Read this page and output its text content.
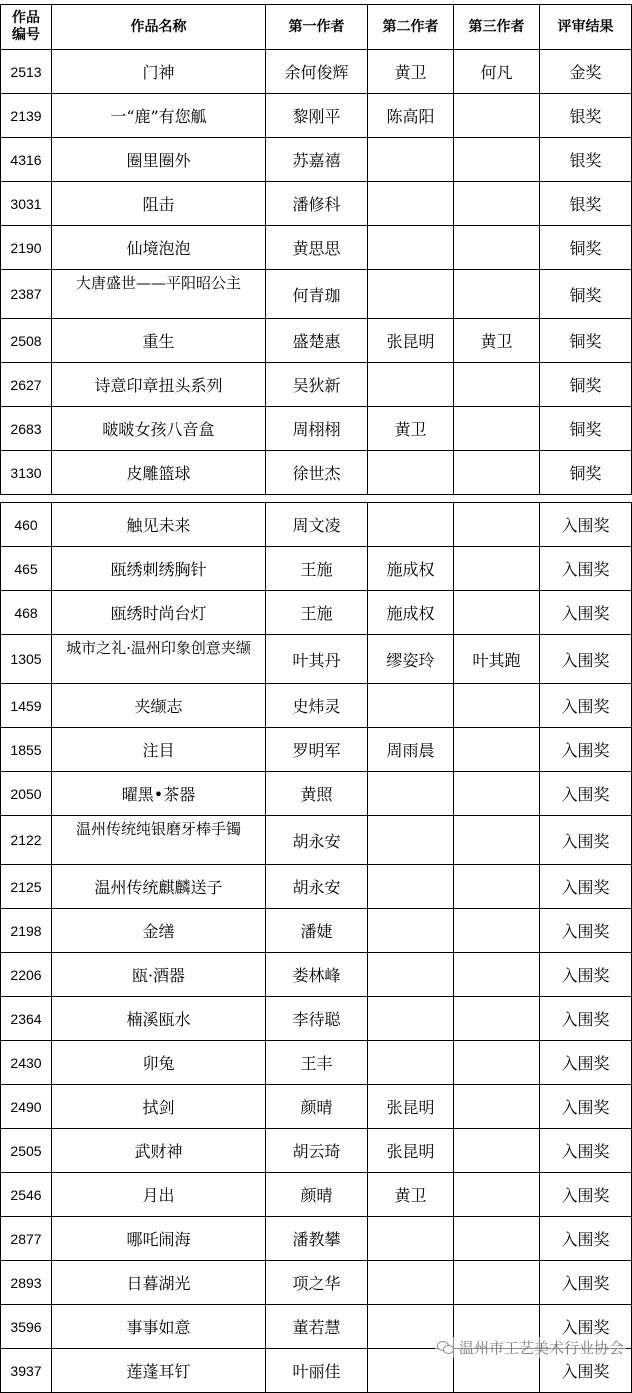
作品
编号	作品名称	第一作者	第二作者	第三作者	评审结果
2513	门神	余何俊辉	黄卫	何凡	金奖
2139	一“鹿”有您觚	黎刚平	陈高阳		银奖
4316	圈里圈外	苏嘉禧			银奖
3031	阻击	潘修科			银奖
2190	仙境泡泡	黄思思			铜奖
2387	大唐盛世——平阳昭公主	何青珈			铜奖
2508	重生	盛楚惠	张昆明	黄卫	铜奖
2627	诗意印章扭头系列	吴狄新			铜奖
2683	啵啵女孩八音盒	周栩栩	黄卫		铜奖
3130	皮雕篮球	徐世杰			铜奖
460	触见未来	周文凌			入围奖
465	瓯绣刺绣胸针	王施	施成权		入围奖
468	瓯绣时尚台灯	王施	施成权		入围奖
1305	城市之礼·温州印象创意夹缬	叶其丹	缪姿玲	叶其跑	入围奖
1459	夹缬志	史炜灵			入围奖
1855	注目	罗明军	周雨晨		入围奖
2050	曜黑•茶器	黄照			入围奖
2122	温州传统纯银磨牙棒手镯	胡永安			入围奖
2125	温州传统麒麟送子	胡永安			入围奖
2198	金缮	潘婕			入围奖
2206	瓯·酒器	娄林峰			入围奖
2364	楠溪瓯水	李待聪			入围奖
2430	卯兔	王丰			入围奖
2490	拭剑	颜晴	张昆明		入围奖
2505	武财神	胡云琦	张昆明		入围奖
2546	月出	颜晴	黄卫		入围奖
2877	哪吒闹海	潘教攀			入围奖
2893	日暮湖光	项之华			入围奖
3596	事事如意	董若慧			入围奖
3937	莲蓬耳钉	叶丽佳			入围奖
温州市工艺美术行业协会
